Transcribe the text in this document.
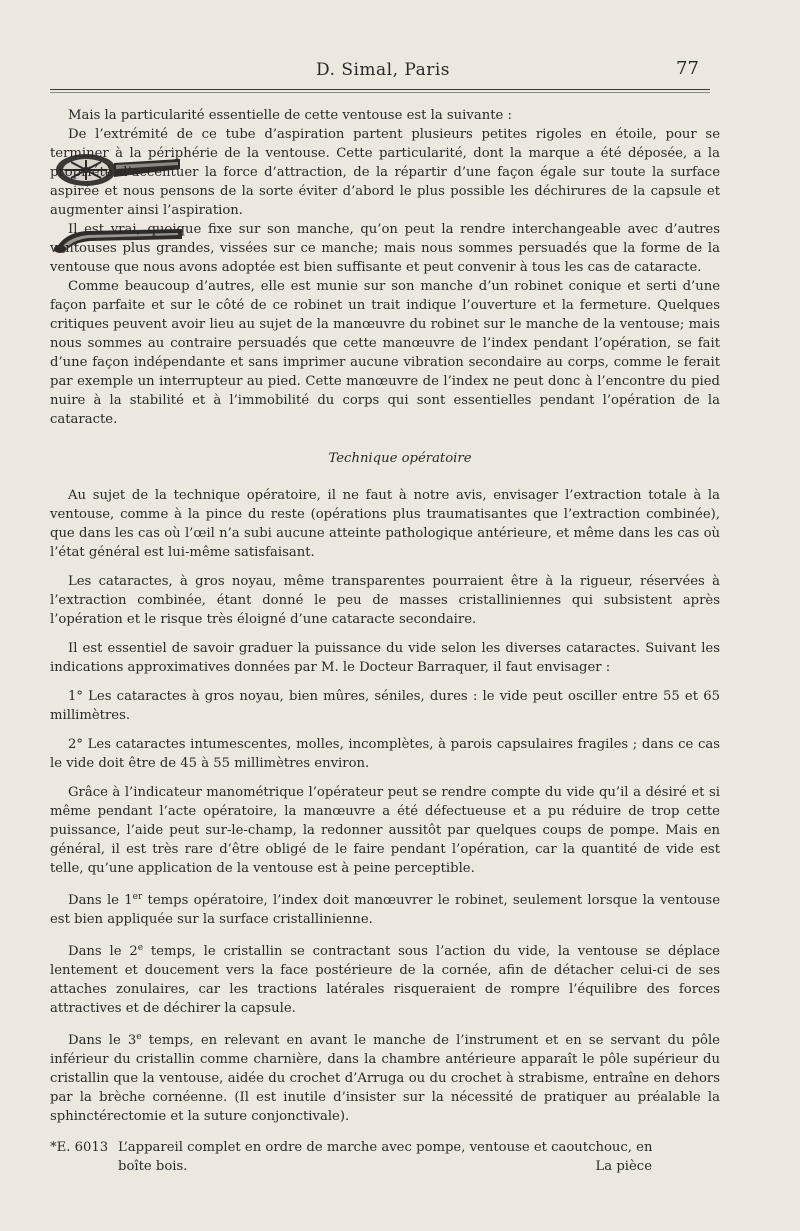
D. Simal, Paris	77

Mais la particularité essentielle de cette ventouse est la suivante :

De l’extrémité de ce tube d’aspiration partent plusieurs petites rigoles en étoile, pour se terminer à la périphérie de la ventouse. Cette particularité, dont la marque a été déposée, a la propriété d’accentuer la force d’attraction, de la répartir d’une façon égale sur toute la surface aspirée et nous pensons de la sorte éviter d’abord le plus possible les déchirures de la capsule et augmenter ainsi l’aspiration.

Il est vrai, quoique fixe sur son manche, qu’on peut la rendre interchangeable avec d’autres ventouses plus grandes, vissées sur ce manche; mais nous sommes persuadés que la forme de la ventouse que nous avons adoptée est bien suffisante et peut convenir à tous les cas de cataracte.

Comme beaucoup d’autres, elle est munie sur son manche d’un robinet conique et serti d’une façon parfaite et sur le côté de ce robinet un trait indique l’ouverture et la fermeture. Quelques critiques peuvent avoir lieu au sujet de la manœuvre du robinet sur le manche de la ventouse; mais nous sommes au contraire persuadés que cette manœuvre de l’index pendant l’opération, se fait d’une façon indépendante et sans imprimer aucune vibration secondaire au corps, comme le ferait par exemple un interrupteur au pied. Cette manœuvre de l’index ne peut donc à l’encontre du pied nuire à la stabilité et à l’immobilité du corps qui sont essentielles pendant l’opération de la cataracte.

Technique opératoire

Au sujet de la technique opératoire, il ne faut à notre avis, envisager l’extraction totale à la ventouse, comme à la pince du reste (opérations plus traumatisantes que l’extraction combinée), que dans les cas où l’œil n’a subi aucune atteinte pathologique antérieure, et même dans les cas où l’état général est lui-même satisfaisant.

Les cataractes, à gros noyau, même transparentes pourraient être à la rigueur, réservées à l’extraction combinée, étant donné le peu de masses cristalliniennes qui subsistent après l’opération et le risque très éloigné d’une cataracte secondaire.

Il est essentiel de savoir graduer la puissance du vide selon les diverses cataractes. Suivant les indications approximatives données par M. le Docteur Barraquer, il faut envisager :

1° Les cataractes à gros noyau, bien mûres, séniles, dures : le vide peut osciller entre 55 et 65 millimètres.

2° Les cataractes intumescentes, molles, incomplètes, à parois capsulaires fragiles ; dans ce cas le vide doit être de 45 à 55 millimètres environ.

Grâce à l’indicateur manométrique l’opérateur peut se rendre compte du vide qu’il a désiré et si même pendant l’acte opératoire, la manœuvre a été défectueuse et a pu réduire de trop cette puissance, l’aide peut sur-le-champ, la redonner aussitôt par quelques coups de pompe. Mais en général, il est très rare d’être obligé de le faire pendant l’opération, car la quantité de vide est telle, qu’une application de la ventouse est à peine perceptible.

Dans le 1er temps opératoire, l’index doit manœuvrer le robinet, seulement lorsque la ventouse est bien appliquée sur la surface cristallinienne.

Dans le 2e temps, le cristallin se contractant sous l’action du vide, la ventouse se déplace lentement et doucement vers la face postérieure de la cornée, afin de détacher celui-ci de ses attaches zonulaires, car les tractions latérales risqueraient de rompre l’équilibre des forces attractives et de déchirer la capsule.

Dans le 3e temps, en relevant en avant le manche de l’instrument et en se servant du pôle inférieur du cristallin comme charnière, dans la chambre antérieure apparaît le pôle supérieur du cristallin que la ventouse, aidée du crochet d’Arruga ou du crochet à strabisme, entraîne en dehors par la brèche cornéenne. (Il est inutile d’insister sur la nécessité de pratiquer au préalable la sphinctérectomie et la suture conjonctivale).

*E. 6013 L’appareil complet en ordre de marche avec pompe, ventouse et caoutchouc, en
boîte bois.	La pièce
